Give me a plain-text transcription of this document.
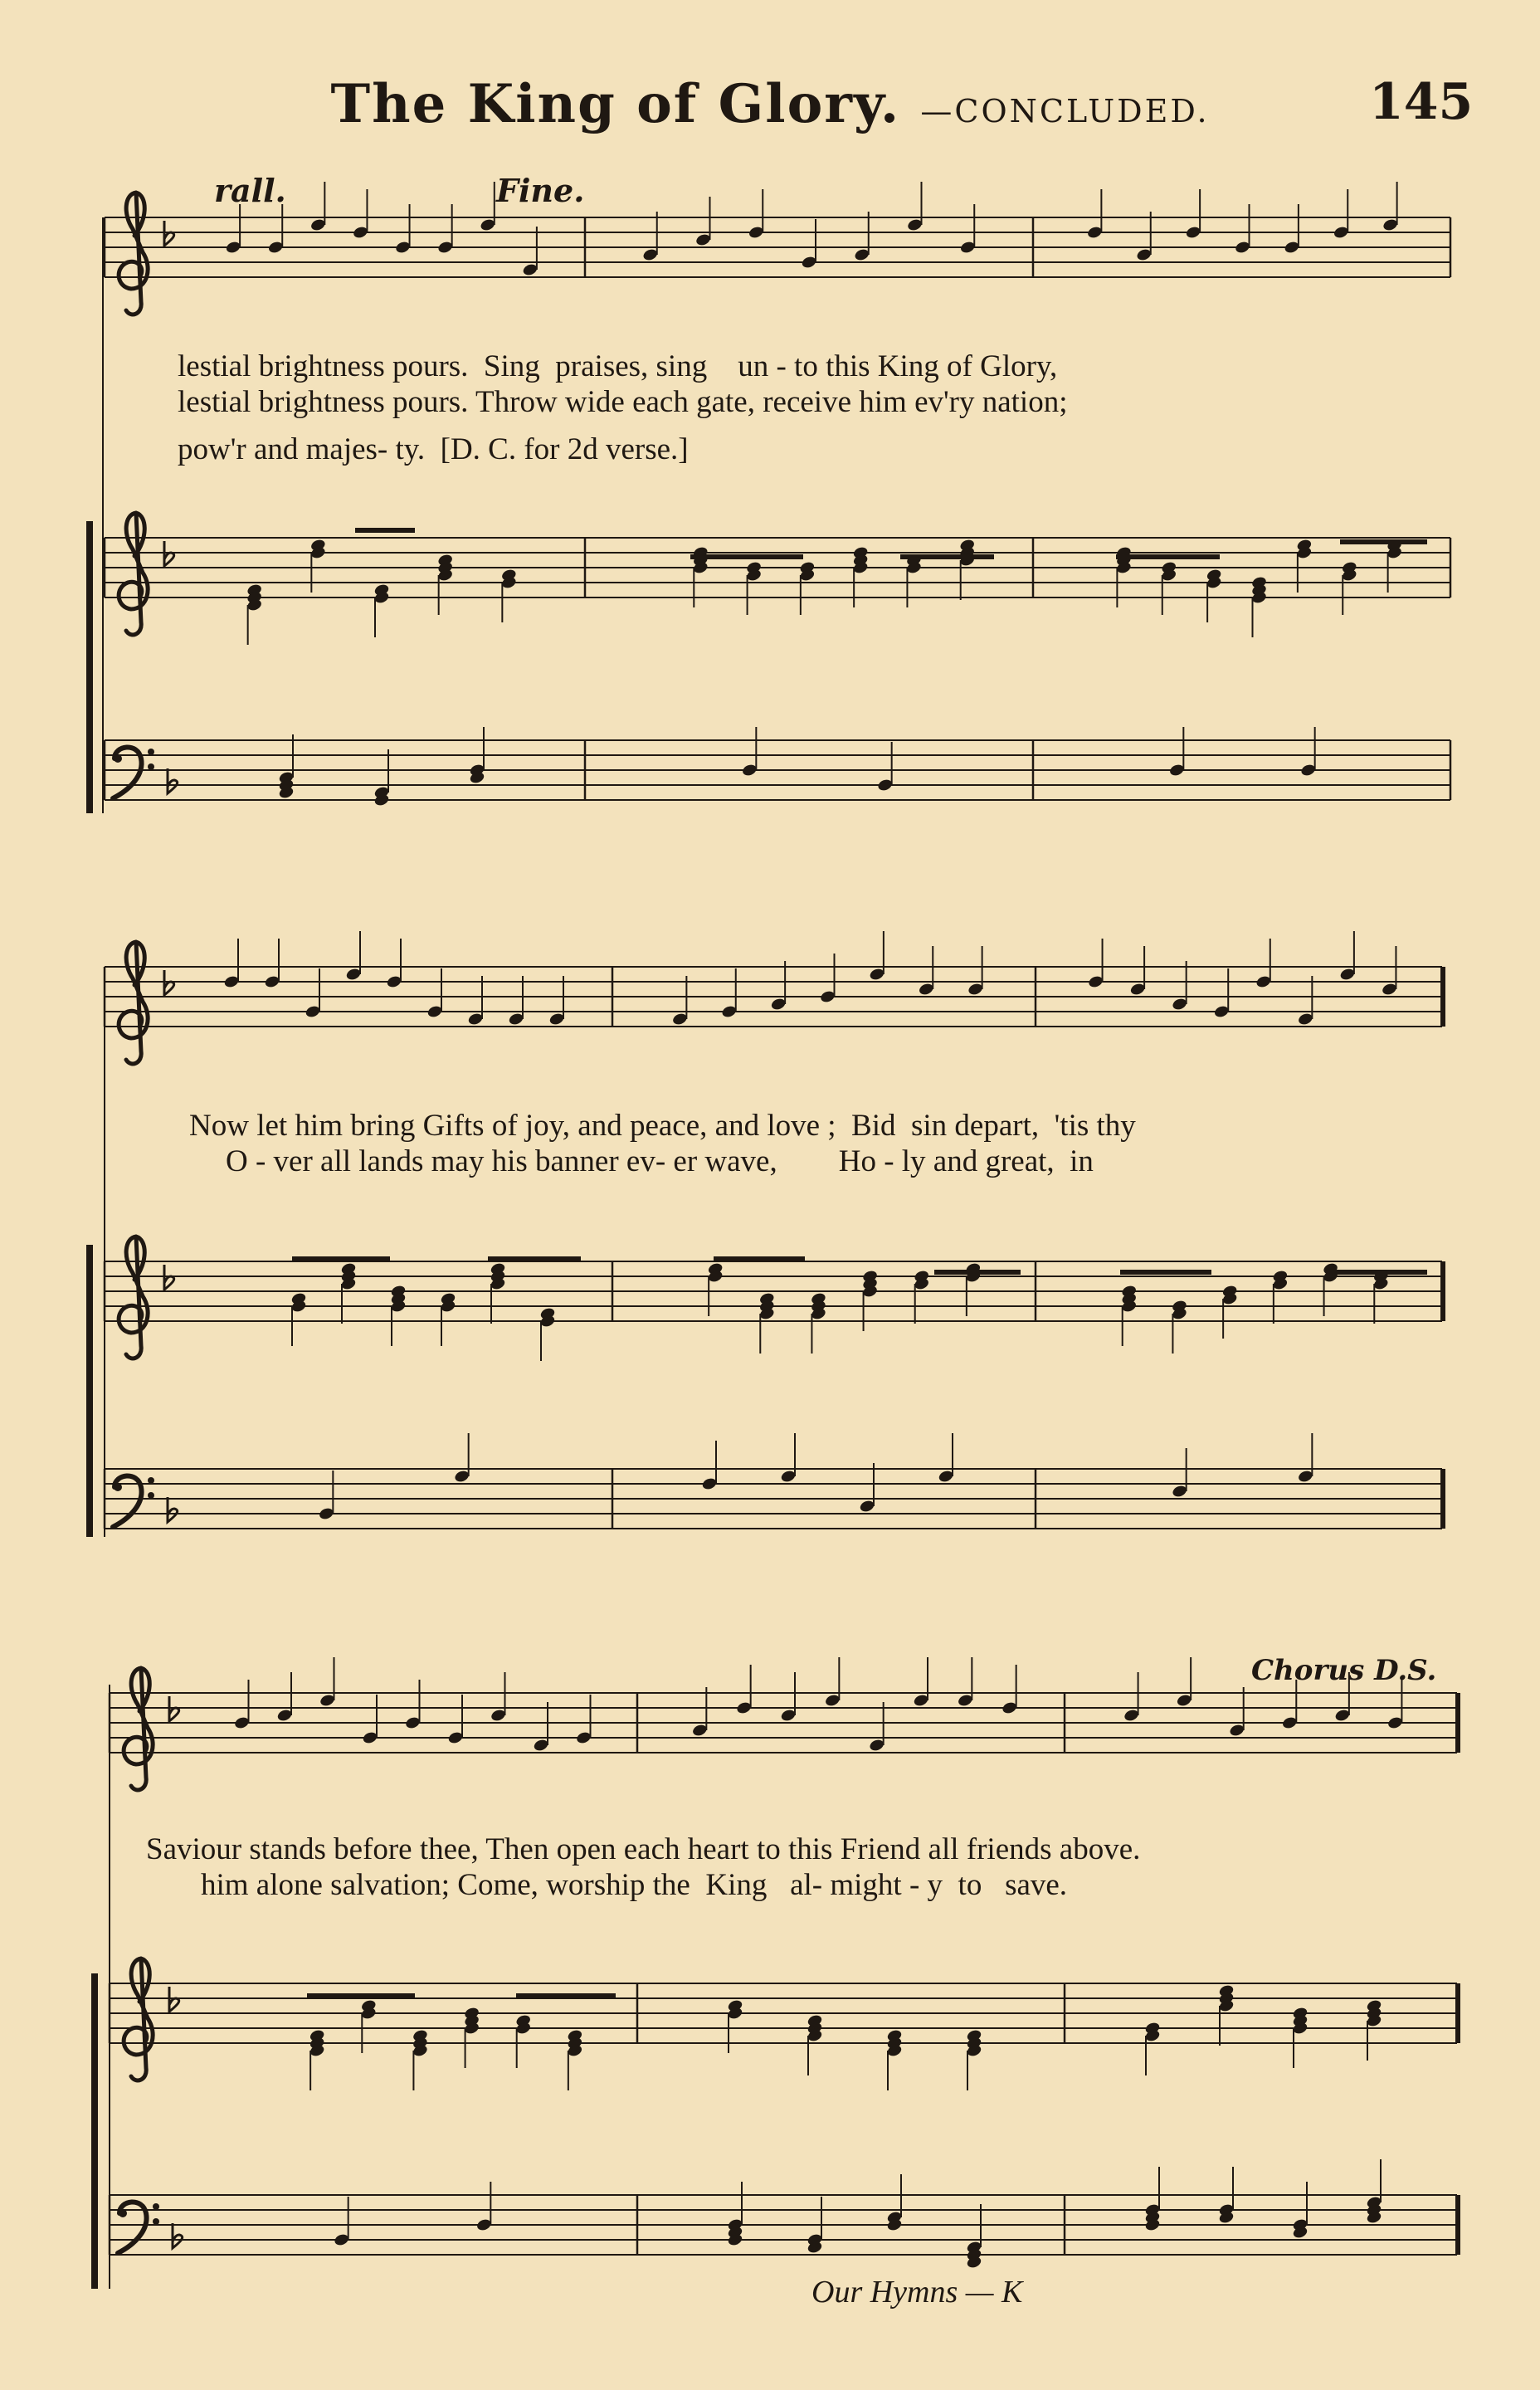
The King of Glory. —CONCLUDED.	145
rall.	Fine.
Chorus D.S.
lestial brightness pours.  Sing  praises, sing    un - to this King of Glory,
lestial brightness pours. Throw wide each gate, receive him ev'ry nation;
pow'r and majes- ty.  [D. C. for 2d verse.]
Now let him bring Gifts of joy, and peace, and love ;  Bid  sin depart,  'tis thy
O - ver all lands may his banner ev- er wave,        Ho - ly and great,  in
Saviour stands before thee, Then open each heart to this Friend all friends above.
him alone salvation; Come, worship the  King   al- might - y  to   save.
Our Hymns — K
